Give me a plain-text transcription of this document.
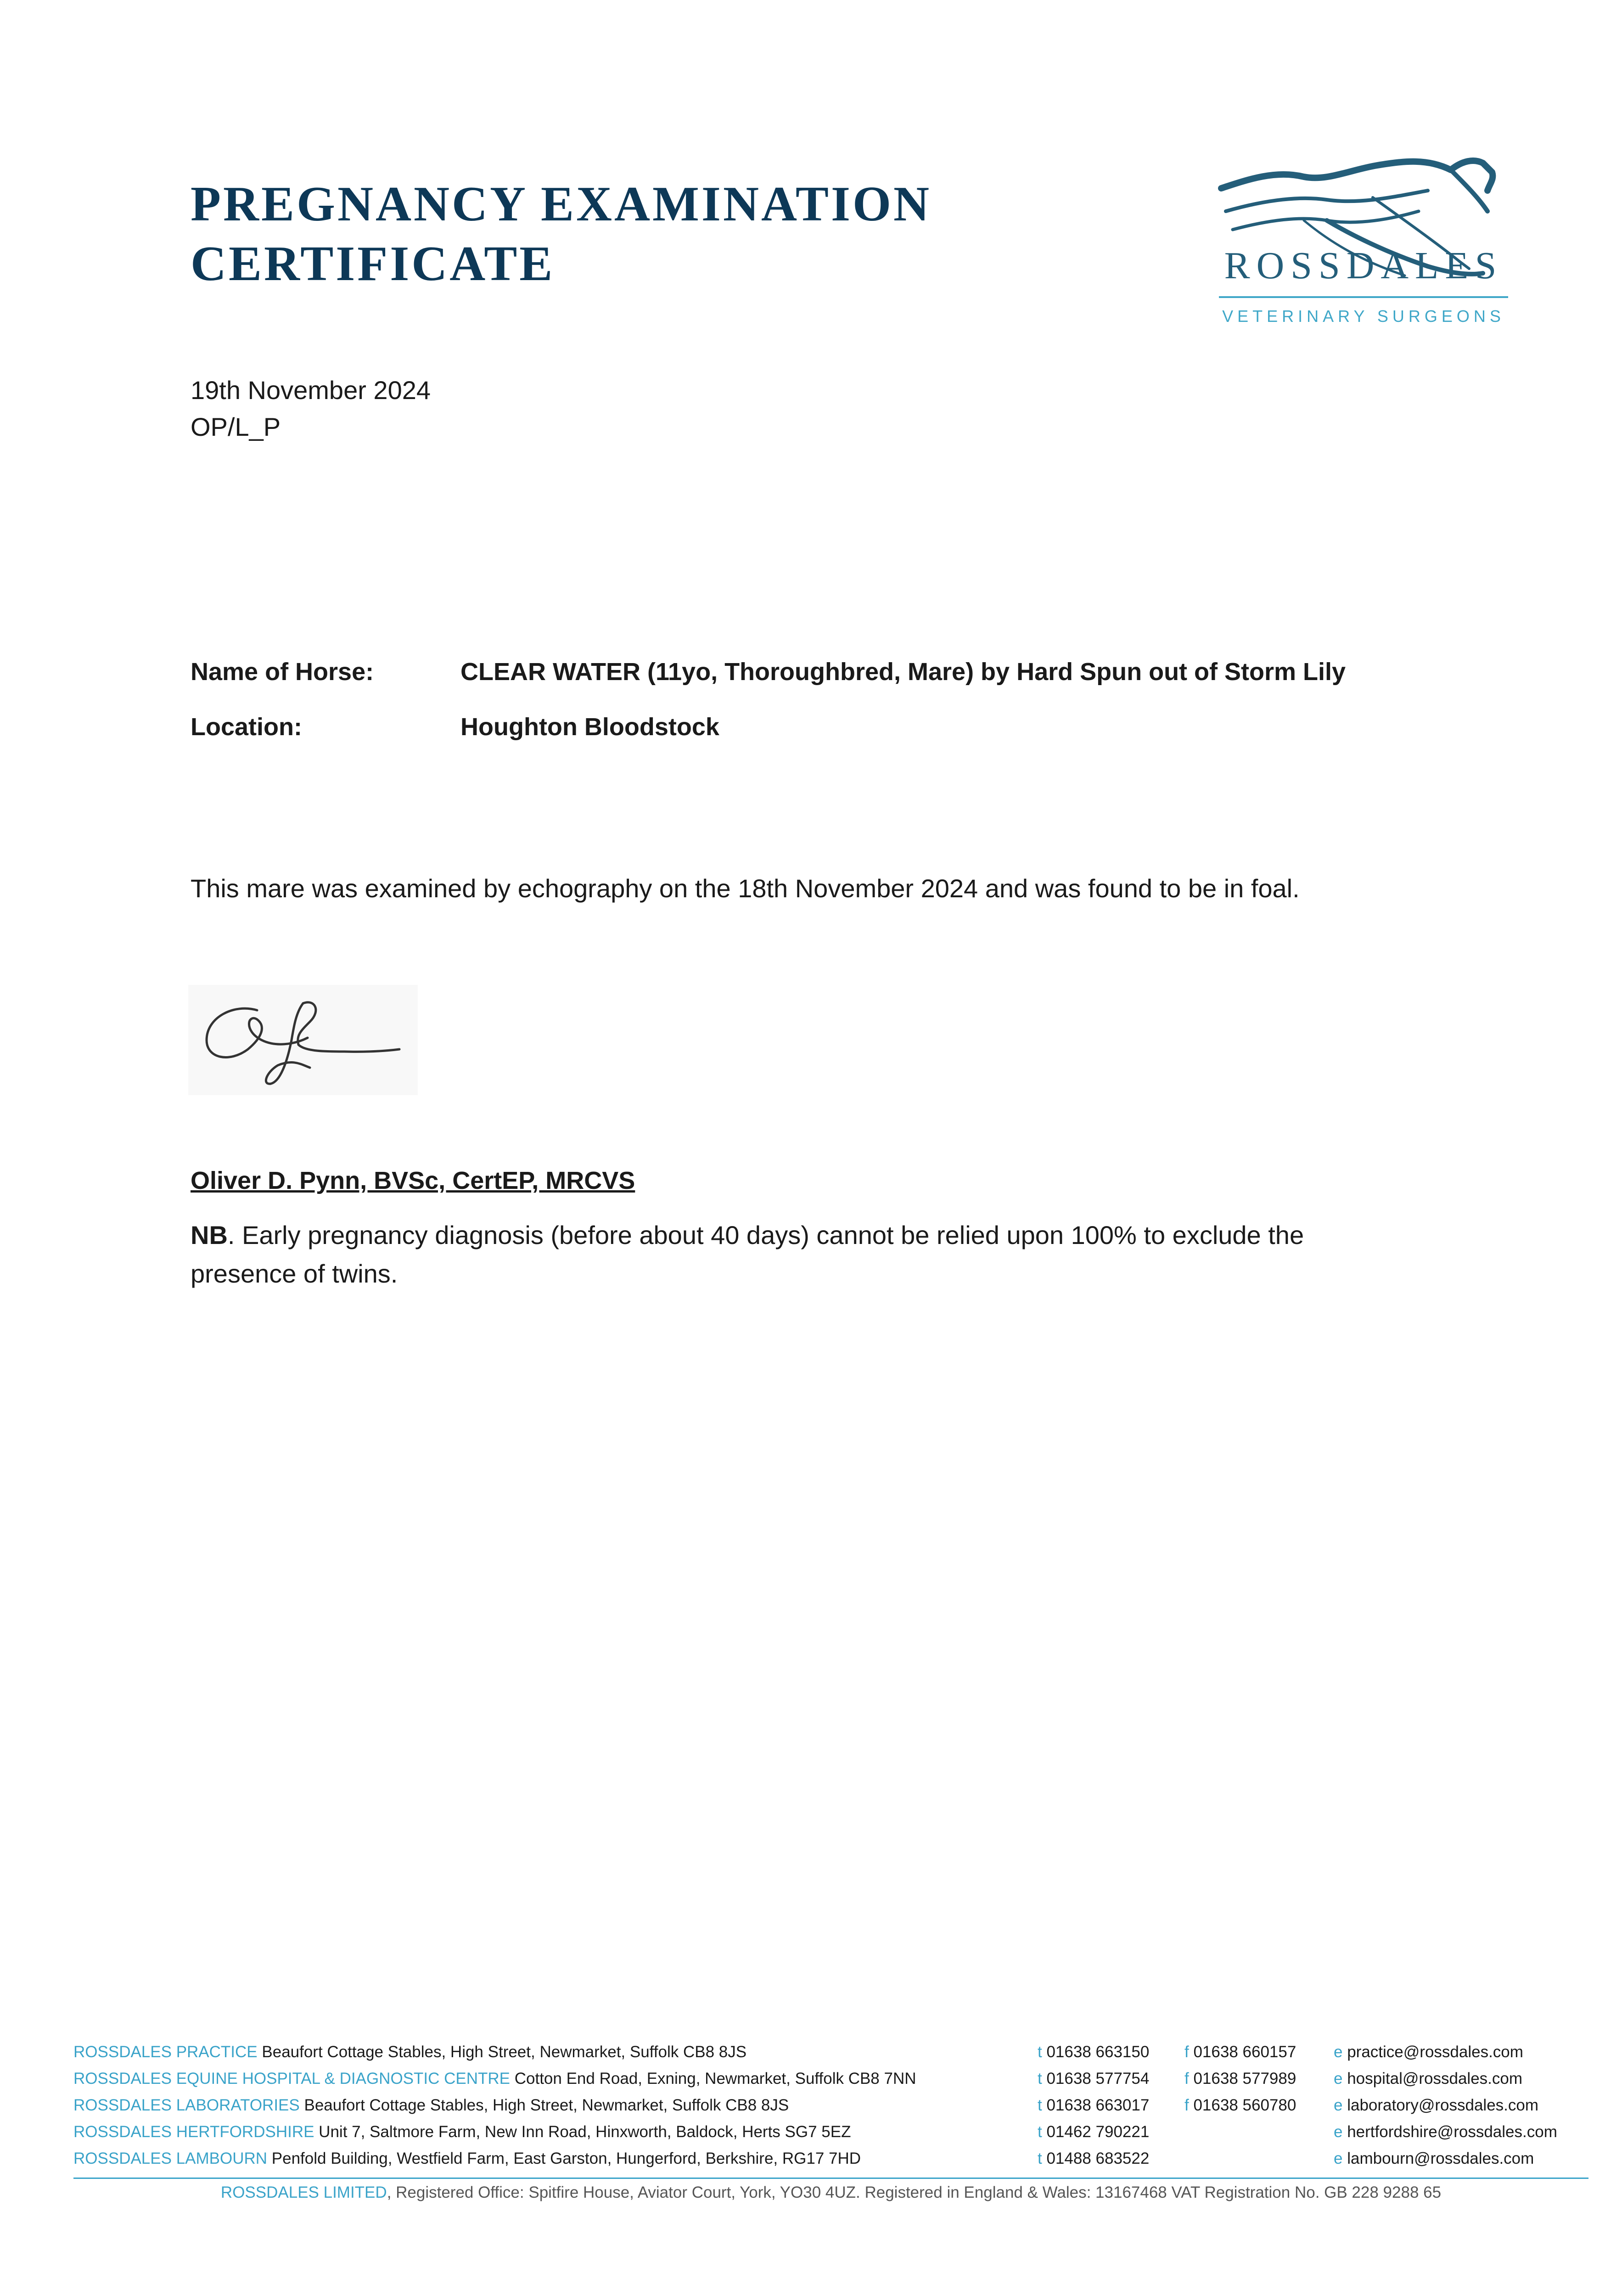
PREGNANCY EXAMINATION
CERTIFICATE	ROSSDALES
VETERINARY SURGEONS
19th November 2024
OP/L_P
Name of Horse:	CLEAR WATER (11yo, Thoroughbred, Mare) by Hard Spun out of Storm Lily
Location:	Houghton Bloodstock
This mare was examined by echography on the 18th November 2024 and was found to be in foal.
Oliver D. Pynn, BVSc, CertEP, MRCVS
NB. Early pregnancy diagnosis (before about 40 days) cannot be relied upon 100% to exclude the presence of twins.
ROSSDALES PRACTICE Beaufort Cottage Stables, High Street, Newmarket, Suffolk CB8 8JS	t 01638 663150 f 01638 660157 e practice@rossdales.com
ROSSDALES EQUINE HOSPITAL & DIAGNOSTIC CENTRE Cotton End Road, Exning, Newmarket, Suffolk CB8 7NN	t 01638 577754 f 01638 577989 e hospital@rossdales.com
ROSSDALES LABORATORIES Beaufort Cottage Stables, High Street, Newmarket, Suffolk CB8 8JS	t 01638 663017 f 01638 560780 e laboratory@rossdales.com
ROSSDALES HERTFORDSHIRE Unit 7, Saltmore Farm, New Inn Road, Hinxworth, Baldock, Herts SG7 5EZ	t 01462 790221	e hertfordshire@rossdales.com
ROSSDALES LAMBOURN Penfold Building, Westfield Farm, East Garston, Hungerford, Berkshire, RG17 7HD	t 01488 683522	e lambourn@rossdales.com
ROSSDALES LIMITED, Registered Office: Spitfire House, Aviator Court, York, YO30 4UZ. Registered in England & Wales: 13167468 VAT Registration No. GB 228 9288 65
